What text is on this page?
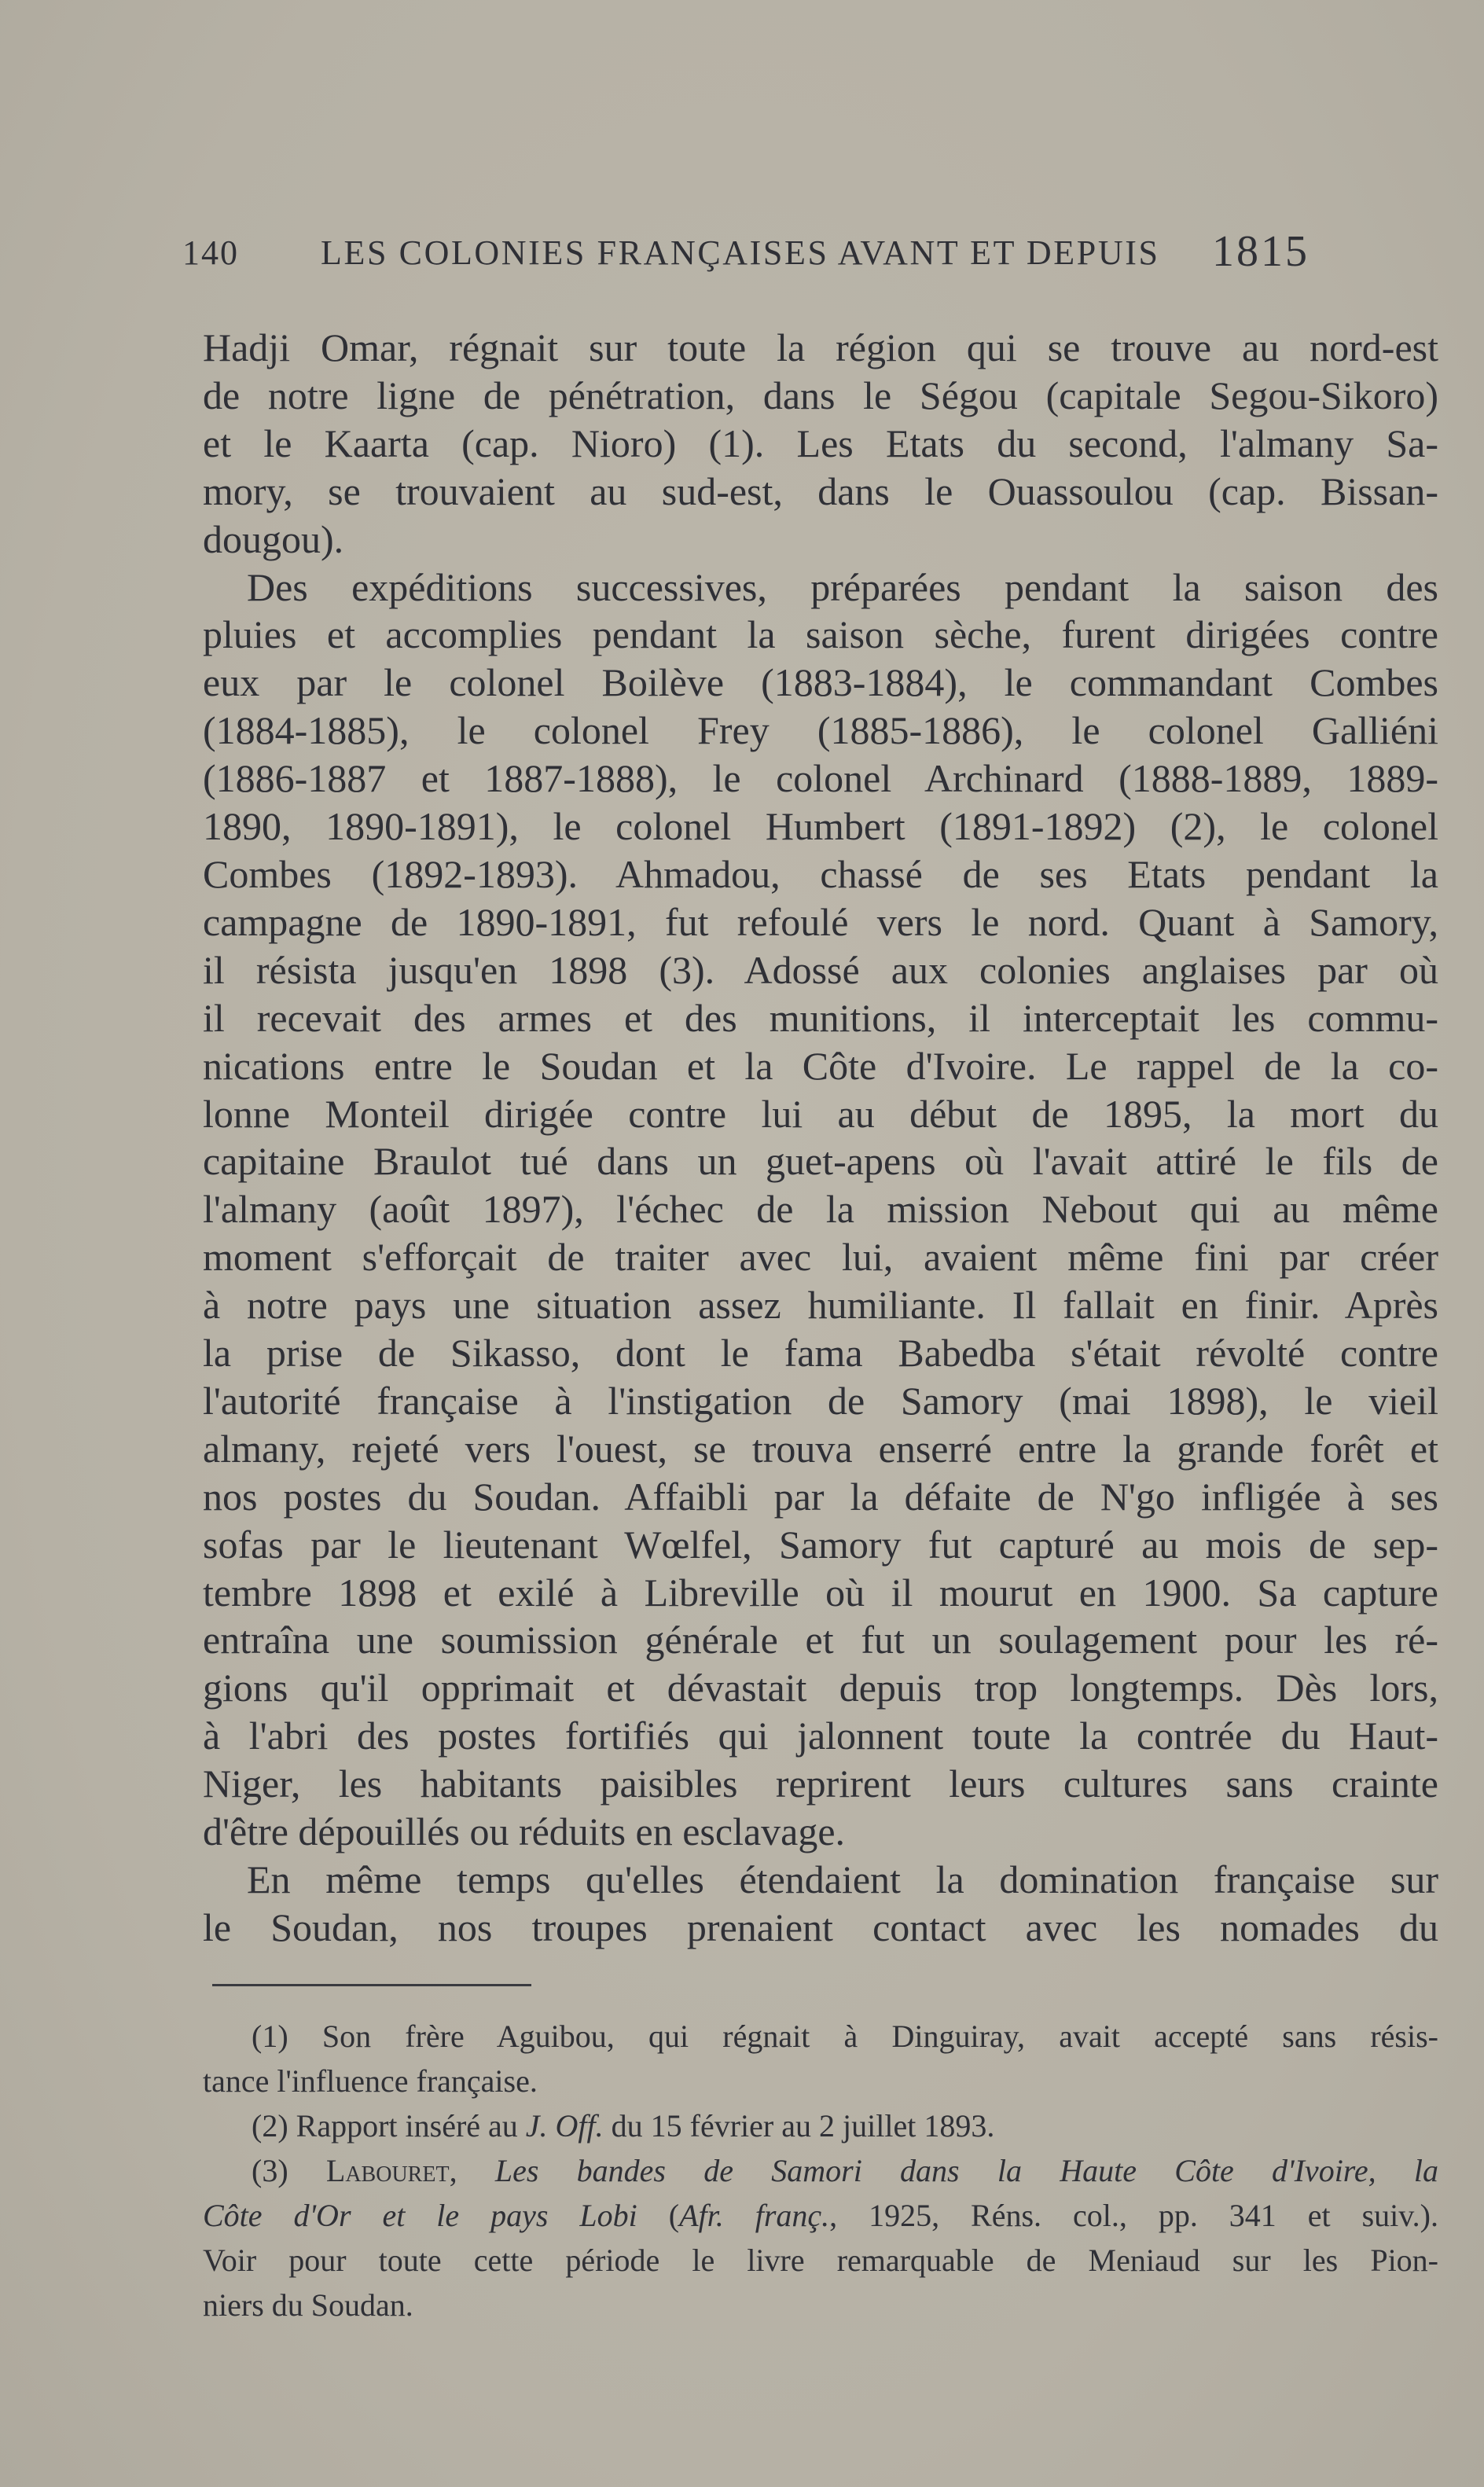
140 LES COLONIES FRANÇAISES AVANT ET DEPUIS 1815
Hadji Omar, régnait sur toute la région qui se trouve au nord-est
de notre ligne de pénétration, dans le Ségou (capitale Segou-Sikoro)
et le Kaarta (cap. Nioro) (1). Les Etats du second, l'almany Sa-
mory, se trouvaient au sud-est, dans le Ouassoulou (cap. Bissan-
dougou).
Des expéditions successives, préparées pendant la saison des
pluies et accomplies pendant la saison sèche, furent dirigées contre
eux par le colonel Boilève (1883-1884), le commandant Combes
(1884-1885), le colonel Frey (1885-1886), le colonel Galliéni
(1886-1887 et 1887-1888), le colonel Archinard (1888-1889, 1889-
1890, 1890-1891), le colonel Humbert (1891-1892) (2), le colonel
Combes (1892-1893). Ahmadou, chassé de ses Etats pendant la
campagne de 1890-1891, fut refoulé vers le nord. Quant à Samory,
il résista jusqu'en 1898 (3). Adossé aux colonies anglaises par où
il recevait des armes et des munitions, il interceptait les commu-
nications entre le Soudan et la Côte d'Ivoire. Le rappel de la co-
lonne Monteil dirigée contre lui au début de 1895, la mort du
capitaine Braulot tué dans un guet-apens où l'avait attiré le fils de
l'almany (août 1897), l'échec de la mission Nebout qui au même
moment s'efforçait de traiter avec lui, avaient même fini par créer
à notre pays une situation assez humiliante. Il fallait en finir. Après
la prise de Sikasso, dont le fama Babedba s'était révolté contre
l'autorité française à l'instigation de Samory (mai 1898), le vieil
almany, rejeté vers l'ouest, se trouva enserré entre la grande forêt et
nos postes du Soudan. Affaibli par la défaite de N'go infligée à ses
sofas par le lieutenant Wœlfel, Samory fut capturé au mois de sep-
tembre 1898 et exilé à Libreville où il mourut en 1900. Sa capture
entraîna une soumission générale et fut un soulagement pour les ré-
gions qu'il opprimait et dévastait depuis trop longtemps. Dès lors,
à l'abri des postes fortifiés qui jalonnent toute la contrée du Haut-
Niger, les habitants paisibles reprirent leurs cultures sans crainte
d'être dépouillés ou réduits en esclavage.
En même temps qu'elles étendaient la domination française sur
le Soudan, nos troupes prenaient contact avec les nomades du
(1) Son frère Aguibou, qui régnait à Dinguiray, avait accepté sans résis-
tance l'influence française.
(2) Rapport inséré au J. Off. du 15 février au 2 juillet 1893.
(3) Labouret, Les bandes de Samori dans la Haute Côte d'Ivoire, la
Côte d'Or et le pays Lobi (Afr. franç., 1925, Réns. col., pp. 341 et suiv.).
Voir pour toute cette période le livre remarquable de Meniaud sur les Pion-
niers du Soudan.
